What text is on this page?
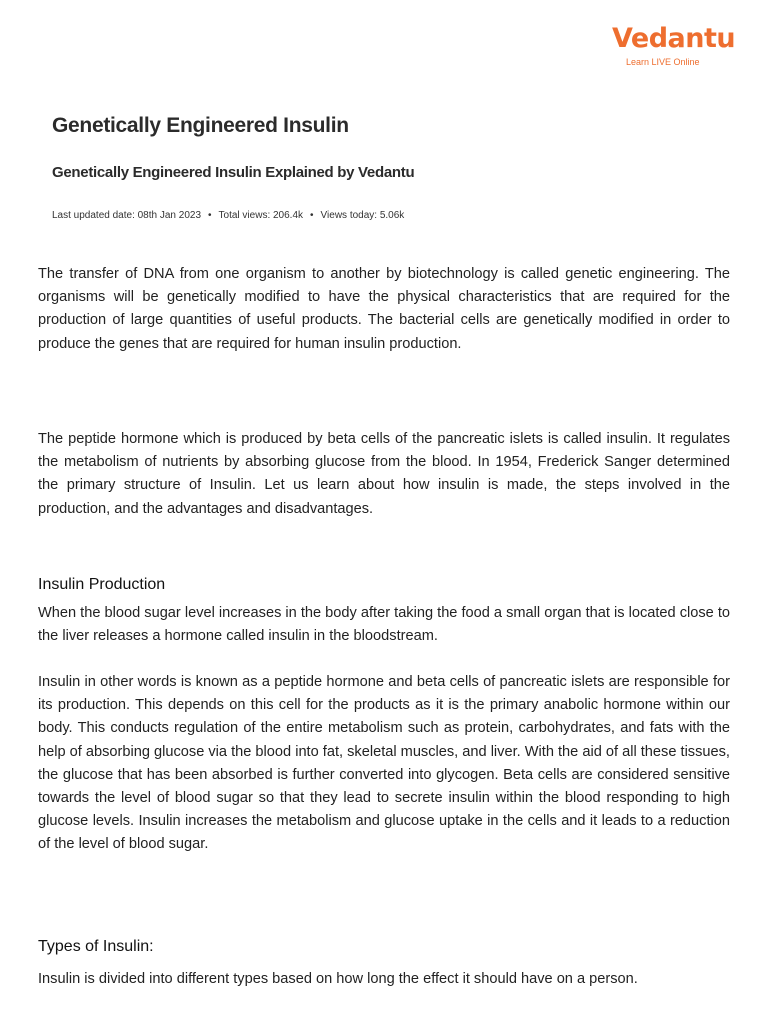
Vedantu
Learn LIVE Online
Genetically Engineered Insulin
Genetically Engineered Insulin Explained by Vedantu
Last updated date: 08th Jan 2023 • Total views: 206.4k • Views today: 5.06k

The transfer of DNA from one organism to another by biotechnology is called genetic engineering. The organisms will be genetically modified to have the physical characteristics that are required for the production of large quantities of useful products. The bacterial cells are genetically modified in order to produce the genes that are required for human insulin production.

The peptide hormone which is produced by beta cells of the pancreatic islets is called insulin. It regulates the metabolism of nutrients by absorbing glucose from the blood. In 1954, Frederick Sanger determined the primary structure of Insulin. Let us learn about how insulin is made, the steps involved in the production, and the advantages and disadvantages.

Insulin Production

When the blood sugar level increases in the body after taking the food a small organ that is located close to the liver releases a hormone called insulin in the bloodstream.

Insulin in other words is known as a peptide hormone and beta cells of pancreatic islets are responsible for its production. This depends on this cell for the products as it is the primary anabolic hormone within our body. This conducts regulation of the entire metabolism such as protein, carbohydrates, and fats with the help of absorbing glucose via the blood into fat, skeletal muscles, and liver. With the aid of all these tissues, the glucose that has been absorbed is further converted into glycogen. Beta cells are considered sensitive towards the level of blood sugar so that they lead to secrete insulin within the blood responding to high glucose levels. Insulin increases the metabolism and glucose uptake in the cells and it leads to a reduction of the level of blood sugar.

Types of Insulin:

Insulin is divided into different types based on how long the effect it should have on a person.
